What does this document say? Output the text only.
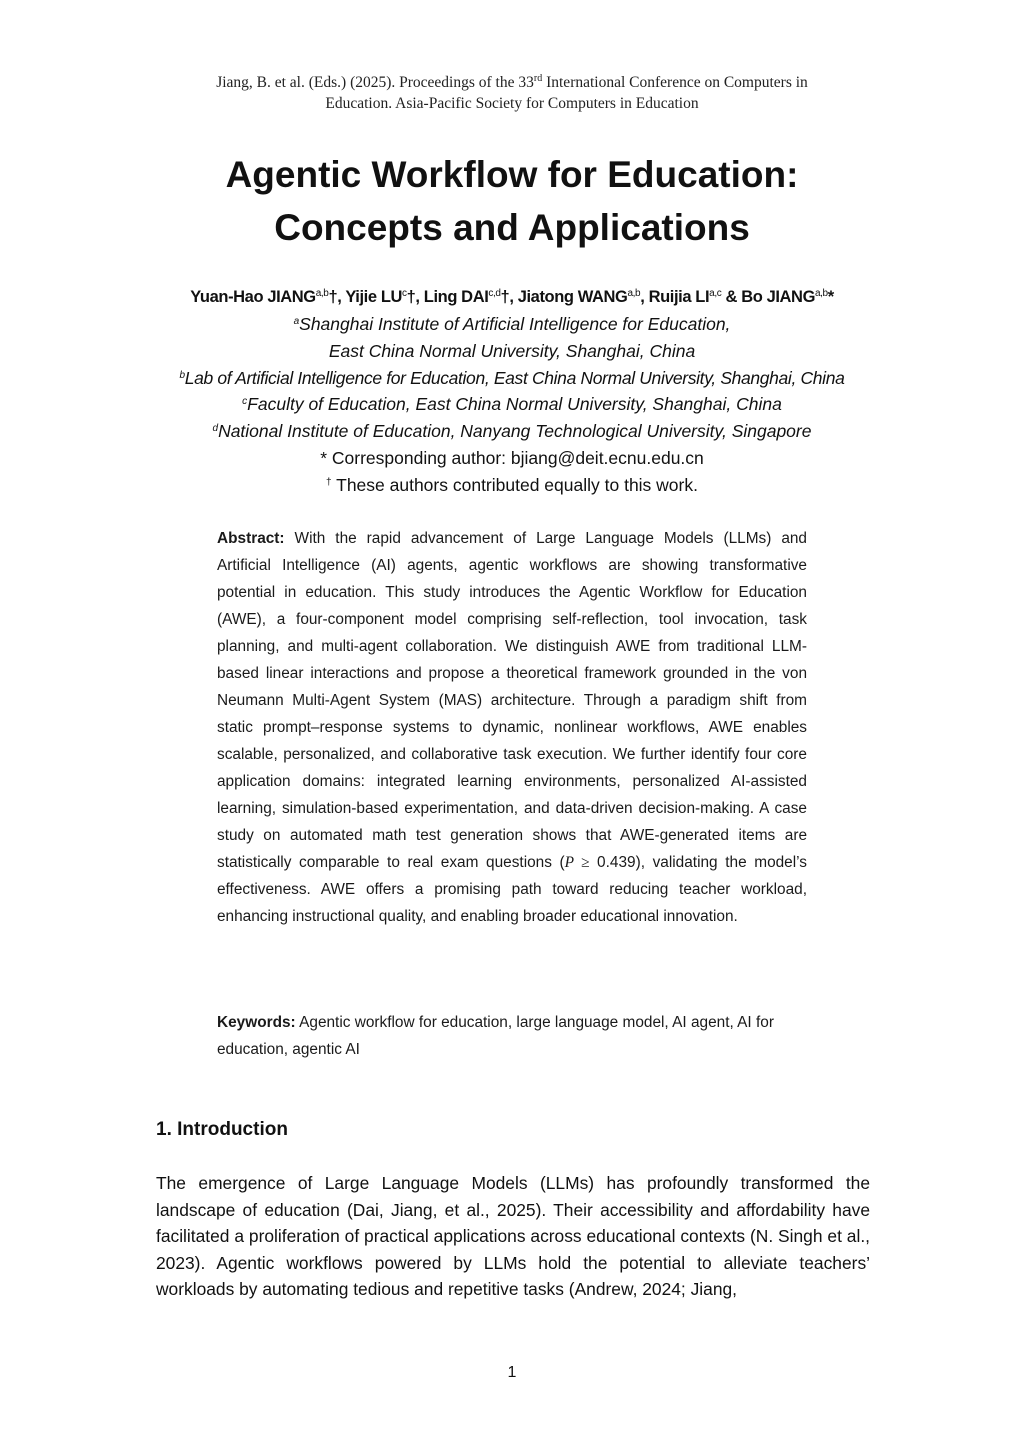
Jiang, B. et al. (Eds.) (2025). Proceedings of the 33rd International Conference on Computers in
Education. Asia-Pacific Society for Computers in Education
Agentic Workflow for Education:
Concepts and Applications
Yuan-Hao JIANG$^{a,b}$†, Yijie $LU^c\dagger$, Ling DAI$^{c,d}$†, Jiatong WANG$^{a,b}$, Ruijia LI$^{a,c}$ & Bo JIANG$^{a,b}$*
$^a$Shanghai Institute of Artificial Intelligence for Education,
East China Normal University, Shanghai, China
$^b$Lab of Artificial Intelligence for Education, East China Normal University, Shanghai, China
$^c$Faculty of Education, East China Normal University, Shanghai, China
$^d$National Institute of Education, Nanyang Technological University, Singapore
* Corresponding author: bjiang@deit.ecnu.edu.cn
† These authors contributed equally to this work.
Abstract: With the rapid advancement of Large Language Models (LLMs) and Artificial Intelligence (AI) agents, agentic workflows are showing transformative potential in education. This study introduces the Agentic Workflow for Education (AWE), a four-component model comprising self-reflection, tool invocation, task planning, and multi-agent collaboration. We distinguish AWE from traditional LLM-based linear interactions and propose a theoretical framework grounded in the von Neumann Multi-Agent System (MAS) architecture. Through a paradigm shift from static prompt–response systems to dynamic, nonlinear workflows, AWE enables scalable, personalized, and collaborative task execution. We further identify four core application domains: integrated learning environments, personalized AI-assisted learning, simulation-based experimentation, and data-driven decision-making. A case study on automated math test generation shows that AWE-generated items are statistically comparable to real exam questions (P ≥ 0.439), validating the model’s effectiveness. AWE offers a promising path toward reducing teacher workload, enhancing instructional quality, and enabling broader educational innovation.
Keywords: Agentic workflow for education, large language model, AI agent, AI for education, agentic AI
1. Introduction
The emergence of Large Language Models (LLMs) has profoundly transformed the landscape of education (Dai, Jiang, et al., 2025). Their accessibility and affordability have facilitated a proliferation of practical applications across educational contexts (N. Singh et al., 2023). Agentic workflows powered by LLMs hold the potential to alleviate teachers’ workloads by automating tedious and repetitive tasks (Andrew, 2024; Jiang,
1
